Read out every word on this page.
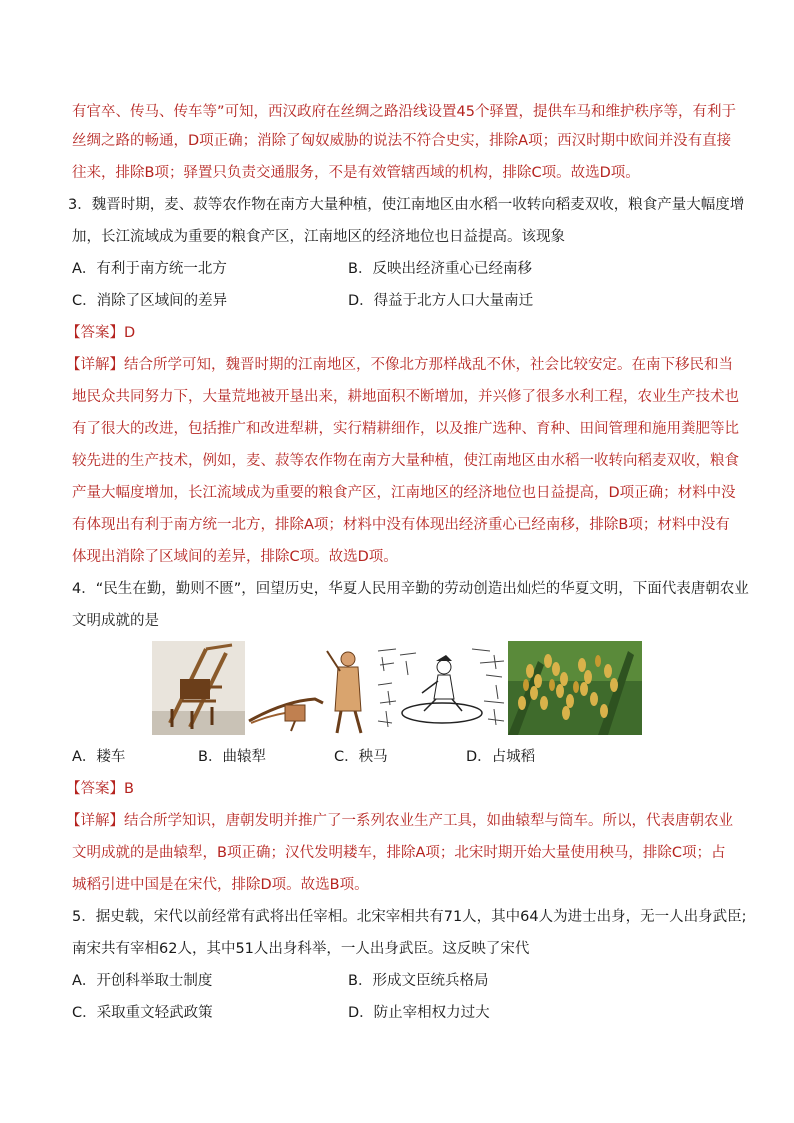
有官卒、传马、传车等”可知，西汉政府在丝绸之路沿线设置45个驿置，提供车马和维护秩序等，有利于
丝绸之路的畅通，D项正确；消除了匈奴威胁的说法不符合史实，排除A项；西汉时期中欧间并没有直接
往来，排除B项；驿置只负责交通服务，不是有效管辖西域的机构，排除C项。故选D项。
3．魏晋时期，麦、菽等农作物在南方大量种植，使江南地区由水稻一收转向稻麦双收，粮食产量大幅度增
加，长江流域成为重要的粮食产区，江南地区的经济地位也日益提高。该现象
A．有利于南方统一北方	B．反映出经济重心已经南移
C．消除了区域间的差异	D．得益于北方人口大量南迁
【答案】D
【详解】结合所学可知，魏晋时期的江南地区，不像北方那样战乱不休，社会比较安定。在南下移民和当
地民众共同努力下，大量荒地被开垦出来，耕地面积不断增加，并兴修了很多水利工程，农业生产技术也
有了很大的改进，包括推广和改进犁耕，实行精耕细作，以及推广选种、育种、田间管理和施用粪肥等比
较先进的生产技术，例如，麦、菽等农作物在南方大量种植，使江南地区由水稻一收转向稻麦双收，粮食
产量大幅度增加，长江流域成为重要的粮食产区，江南地区的经济地位也日益提高，D项正确；材料中没
有体现出有利于南方统一北方，排除A项；材料中没有体现出经济重心已经南移，排除B项；材料中没有
体现出消除了区域间的差异，排除C项。故选D项。
4．“民生在勤，勤则不匮”，回望历史，华夏人民用辛勤的劳动创造出灿烂的华夏文明，下面代表唐朝农业
文明成就的是
A．耧车	B．曲辕犁	C．秧马	D．占城稻
【答案】B
【详解】结合所学知识，唐朝发明并推广了一系列农业生产工具，如曲辕犁与筒车。所以，代表唐朝农业
文明成就的是曲辕犁，B项正确；汉代发明耧车，排除A项；北宋时期开始大量使用秧马，排除C项；占
城稻引进中国是在宋代，排除D项。故选B项。
5．据史载，宋代以前经常有武将出任宰相。北宋宰相共有71人，其中64人为进士出身，无一人出身武臣;
南宋共有宰相62人，其中51人出身科举，一人出身武臣。这反映了宋代
A．开创科举取士制度	B．形成文臣统兵格局
C．采取重文轻武政策	D．防止宰相权力过大
